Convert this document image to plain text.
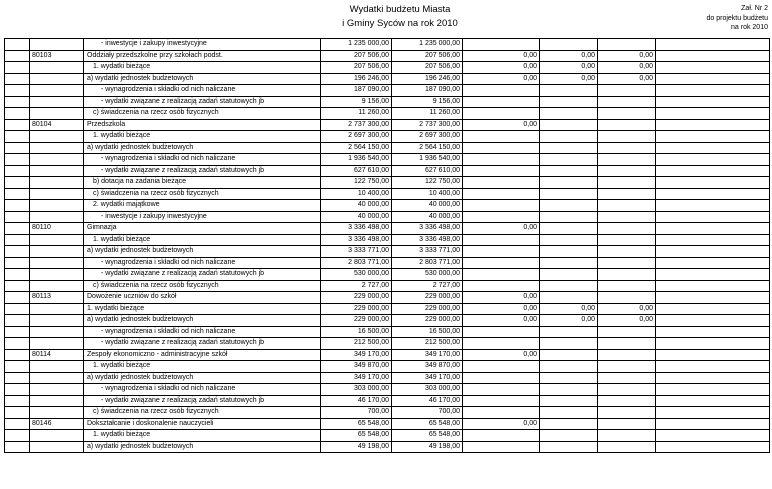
Wydatki budżetu Miasta
i Gminy Syców na rok 2010
Zał. Nr 2
do projektu budżetu
na rok 2010
		- inwestycje i zakupy inwestycyjne	1 235 000,00	1 235 000,00				
	80103	Oddziały przedszkolne przy szkołach podst.	207 506,00	207 506,00	0,00	0,00	0,00	
		1. wydatki bieżące	207 506,00	207 506,00	0,00	0,00	0,00	
		a) wydatki jednostek budżetowych	196 246,00	196 246,00	0,00	0,00	0,00	
		- wynagrodzenia i składki od nich naliczane	187 090,00	187 090,00				
		- wydatki związane z realizacją zadań statutowych jb	9 156,00	9 156,00				
		c) świadczenia na rzecz osób fizycznych	11 260,00	11 260,00				
	80104	Przedszkola	2 737 300,00	2 737 300,00	0,00			
		1. wydatki bieżące	2 697 300,00	2 697 300,00				
		a) wydatki jednostek budżetowych	2 564 150,00	2 564 150,00				
		- wynagrodzenia i składki od nich naliczane	1 936 540,00	1 936 540,00				
		- wydatki związane z realizacją zadań statutowych jb	627 610,00	627 610,00				
		b) dotacja na zadania bieżące	122 750,00	122 750,00				
		c) świadczenia na rzecz osób fizycznych	10 400,00	10 400,00				
		2. wydatki majątkowe	40 000,00	40 000,00				
		- inwestycje i zakupy inwestycyjne	40 000,00	40 000,00				
	80110	Gimnazja	3 336 498,00	3 336 498,00	0,00			
		1. wydatki bieżące	3 336 498,00	3 336 498,00				
		a) wydatki jednostek budżetowych	3 333 771,00	3 333 771,00				
		- wynagrodzenia i składki od nich naliczane	2 803 771,00	2 803 771,00				
		- wydatki związane z realizacją zadań statutowych jb	530 000,00	530 000,00				
		c) świadczenia na rzecz osób fizycznych	2 727,00	2 727,00				
	80113	Dowożenie uczniów do szkół	229 000,00	229 000,00	0,00			
		1. wydatki bieżące	229 000,00	229 000,00	0,00	0,00	0,00	
		a) wydatki jednostek budżetowych	229 000,00	229 000,00	0,00	0,00	0,00	
		- wynagrodzenia i składki od nich naliczane	16 500,00	16 500,00				
		- wydatki związane z realizacją zadań statutowych jb	212 500,00	212 500,00				
	80114	Zespoły ekonomiczno - administracyjne szkół	349 170,00	349 170,00	0,00			
		1. wydatki bieżące	349 870,00	349 870,00				
		a) wydatki jednostek budżetowych	349 170,00	349 170,00				
		- wynagrodzenia i składki od nich naliczane	303 000,00	303 000,00				
		- wydatki związane z realizacją zadań statutowych jb	46 170,00	46 170,00				
		c) świadczenia na rzecz osób fizycznych	700,00	700,00				
	80146	Dokształcanie i doskonalenie nauczycieli	65 548,00	65 548,00	0,00			
		1. wydatki bieżące	65 548,00	65 548,00				
		a) wydatki jednostek budżetowych	49 198,00	49 198,00				
